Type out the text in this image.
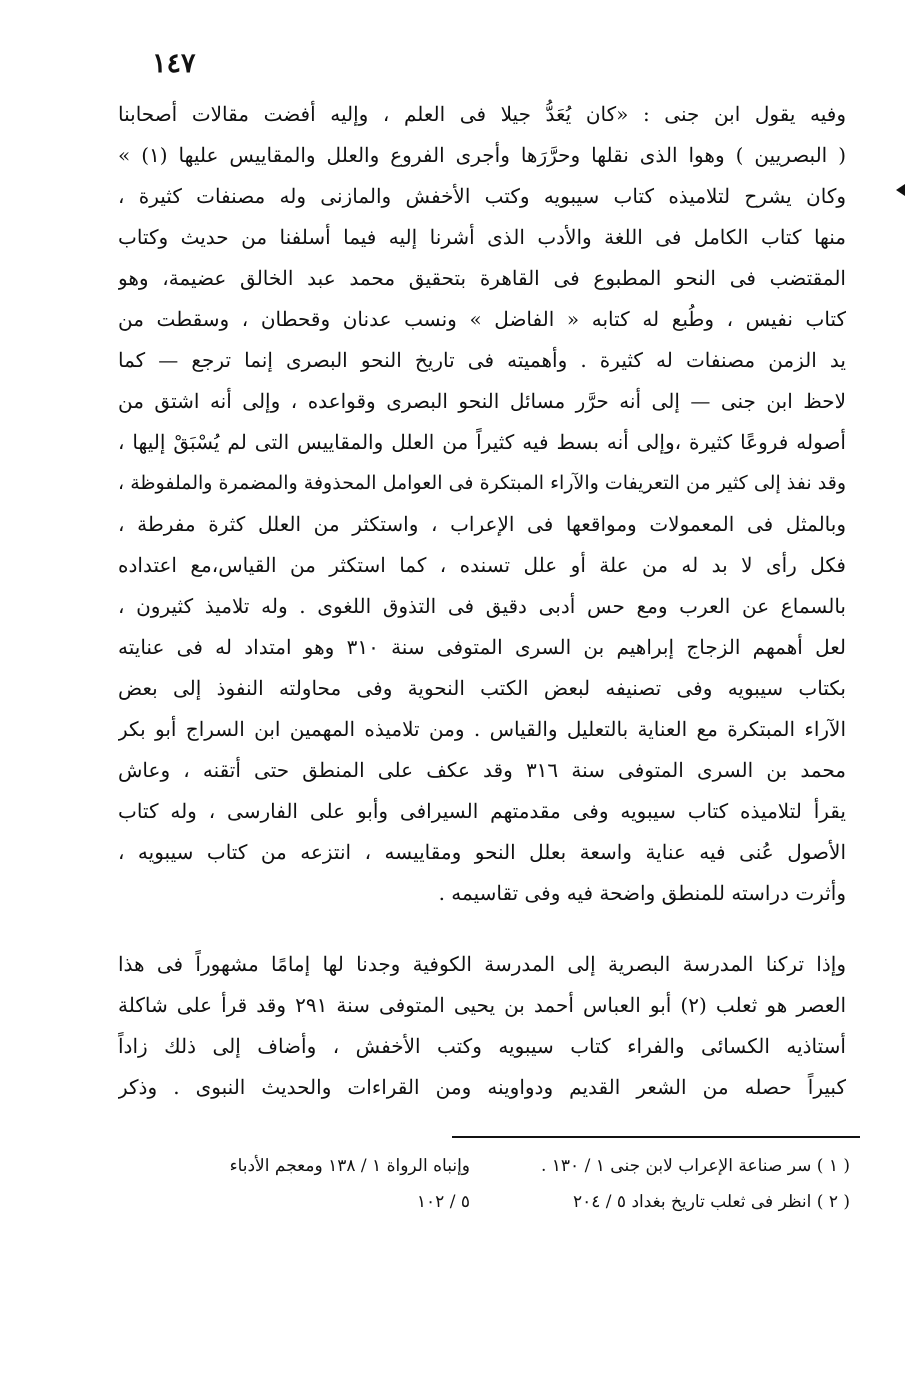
١٤٧
وفيه يقول ابن جنى : «كان يُعَدُّ جيلا فى العلم ، وإليه أفضت مقالات أصحابنا
( البصريين ) وهوا الذى نقلها وحرَّرَها وأجرى الفروع والعلل والمقاييس عليها (١) »
وكان يشرح لتلاميذه كتاب سيبويه وكتب الأخفش والمازنى وله مصنفات كثيرة ،
منها كتاب الكامل فى اللغة والأدب الذى أشرنا إليه فيما أسلفنا من حديث وكتاب
المقتضب فى النحو المطبوع فى القاهرة بتحقيق محمد عبد الخالق عضيمة، وهو
كتاب نفيس ، وطُبع له كتابه « الفاضل » ونسب عدنان وقحطان ، وسقطت من
يد الزمن مصنفات له كثيرة . وأهميته فى تاريخ النحو البصرى إنما ترجع — كما
لاحظ ابن جنى — إلى أنه حرَّر مسائل النحو البصرى وقواعده ، وإلى أنه اشتق من
أصوله فروعًا كثيرة ،وإلى أنه بسط فيه كثيراً من العلل والمقاييس التى لم يُسْبَقْ إليها ،
وقد نفذ إلى كثير من التعريفات والآراء المبتكرة فى العوامل المحذوفة والمضمرة والملفوظة ،
وبالمثل فى المعمولات ومواقعها فى الإعراب ، واستكثر من العلل كثرة مفرطة ،
فكل رأى لا بد له من علة أو علل تسنده ، كما استكثر من القياس،مع اعتداده
بالسماع عن العرب ومع حس أدبى دقيق فى التذوق اللغوى . وله تلاميذ كثيرون ،
لعل أهمهم الزجاج إبراهيم بن السرى المتوفى سنة ٣١٠ وهو امتداد له فى عنايته
بكتاب سيبويه وفى تصنيفه لبعض الكتب النحوية وفى محاولته النفوذ إلى بعض
الآراء المبتكرة مع العناية بالتعليل والقياس . ومن تلاميذه المهمين ابن السراج أبو بكر
محمد بن السرى المتوفى سنة ٣١٦ وقد عكف على المنطق حتى أتقنه ، وعاش
يقرأ لتلاميذه كتاب سيبويه وفى مقدمتهم السيرافى وأبو على الفارسى ، وله كتاب
الأصول عُنى فيه عناية واسعة بعلل النحو ومقاييسه ، انتزعه من كتاب سيبويه ،
وأثرت دراسته للمنطق واضحة فيه وفى تقاسيمه .
وإذا تركنا المدرسة البصرية إلى المدرسة الكوفية وجدنا لها إمامًا مشهوراً فى هذا
العصر هو ثعلب (٢) أبو العباس أحمد بن يحيى المتوفى سنة ٢٩١ وقد قرأ على شاكلة
أستاذيه الكسائى والفراء كتاب سيبويه وكتب الأخفش ، وأضاف إلى ذلك زاداً
كبيراً حصله من الشعر القديم ودواوينه ومن القراءات والحديث النبوى . وذكر
( ١ ) سر صناعة الإعراب لابن جنى ١ / ١٣٠ .
وإنباه الرواة ١ / ١٣٨ ومعجم الأدباء
( ٢ ) انظر فى ثعلب تاريخ بغداد ٥ / ٢٠٤
٥ / ١٠٢
